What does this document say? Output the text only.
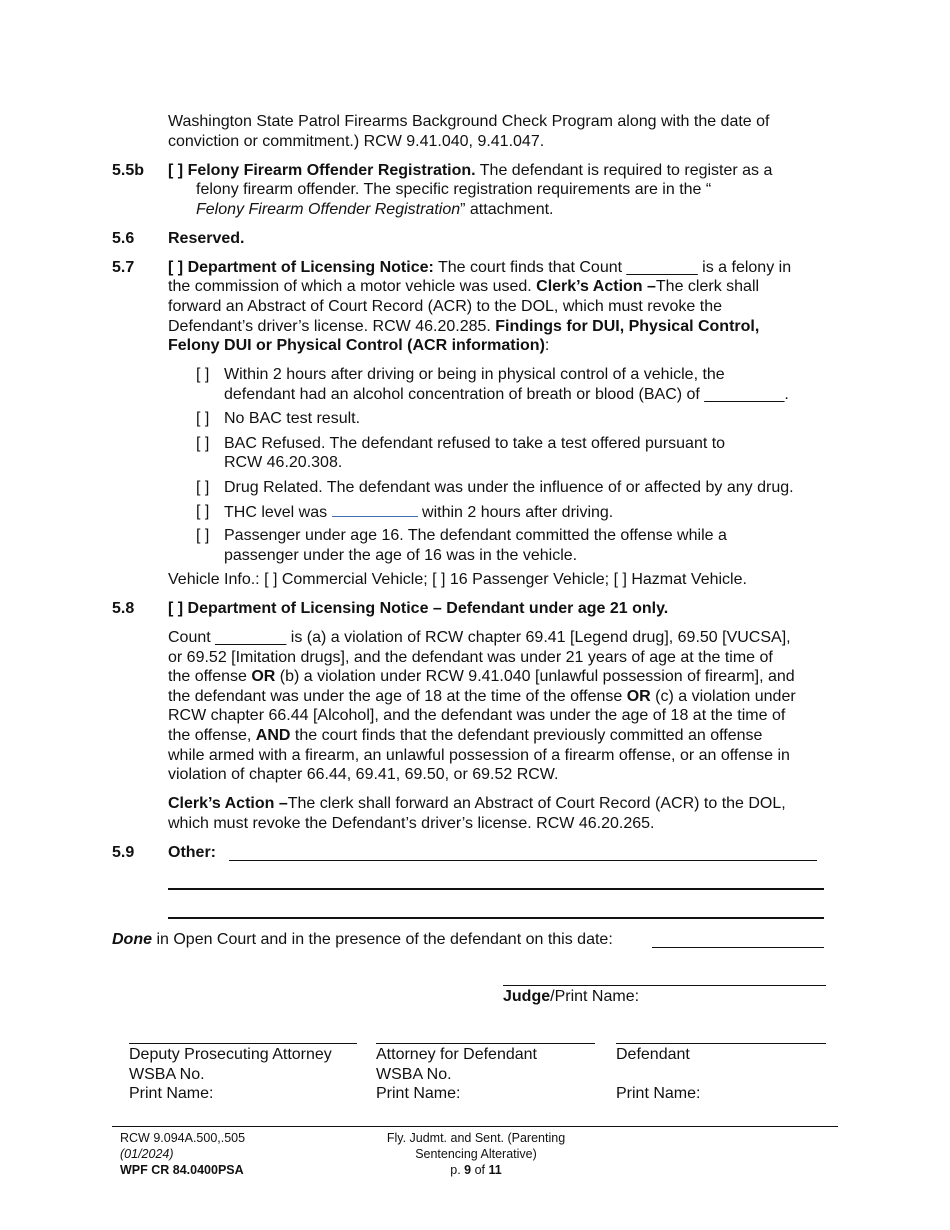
Washington State Patrol Firearms Background Check Program along with the date of
conviction or commitment.) RCW 9.41.040, 9.41.047.
5.5b [ ] Felony Firearm Offender Registration. The defendant is required to register as a
felony firearm offender. The specific registration requirements are in the “
Felony Firearm Offender Registration” attachment.
5.6 Reserved.
5.7 [ ] Department of Licensing Notice: The court finds that Count ________ is a felony in
the commission of which a motor vehicle was used. Clerk’s Action –The clerk shall
forward an Abstract of Court Record (ACR) to the DOL, which must revoke the
Defendant’s driver’s license. RCW 46.20.285. Findings for DUI, Physical Control,
Felony DUI or Physical Control (ACR information):
[ ] Within 2 hours after driving or being in physical control of a vehicle, the
defendant had an alcohol concentration of breath or blood (BAC) of _________.
[ ] No BAC test result.
[ ] BAC Refused. The defendant refused to take a test offered pursuant to
RCW 46.20.308.
[ ] Drug Related. The defendant was under the influence of or affected by any drug.
[ ] THC level was	within 2 hours after driving.
[ ] Passenger under age 16. The defendant committed the offense while a
passenger under the age of 16 was in the vehicle.
Vehicle Info.: [ ] Commercial Vehicle; [ ] 16 Passenger Vehicle; [ ] Hazmat Vehicle.
5.8 [ ] Department of Licensing Notice – Defendant under age 21 only.
Count ________ is (a) a violation of RCW chapter 69.41 [Legend drug], 69.50 [VUCSA],
or 69.52 [Imitation drugs], and the defendant was under 21 years of age at the time of
the offense OR (b) a violation under RCW 9.41.040 [unlawful possession of firearm], and
the defendant was under the age of 18 at the time of the offense OR (c) a violation under
RCW chapter 66.44 [Alcohol], and the defendant was under the age of 18 at the time of
the offense, AND the court finds that the defendant previously committed an offense
while armed with a firearm, an unlawful possession of a firearm offense, or an offense in
violation of chapter 66.44, 69.41, 69.50, or 69.52 RCW.
Clerk’s Action –The clerk shall forward an Abstract of Court Record (ACR) to the DOL,
which must revoke the Defendant’s driver’s license. RCW 46.20.265.
5.9 Other:
Done in Open Court and in the presence of the defendant on this date:
Judge/Print Name:
Deputy Prosecuting Attorney
WSBA No.
Print Name:
Attorney for Defendant
WSBA No.
Print Name:
Defendant
Print Name:
RCW 9.094A.500,.505
(01/2024)
WPF CR 84.0400PSA
Fly. Judmt. and Sent. (Parenting
Sentencing Alterative)
p. 9 of 11
